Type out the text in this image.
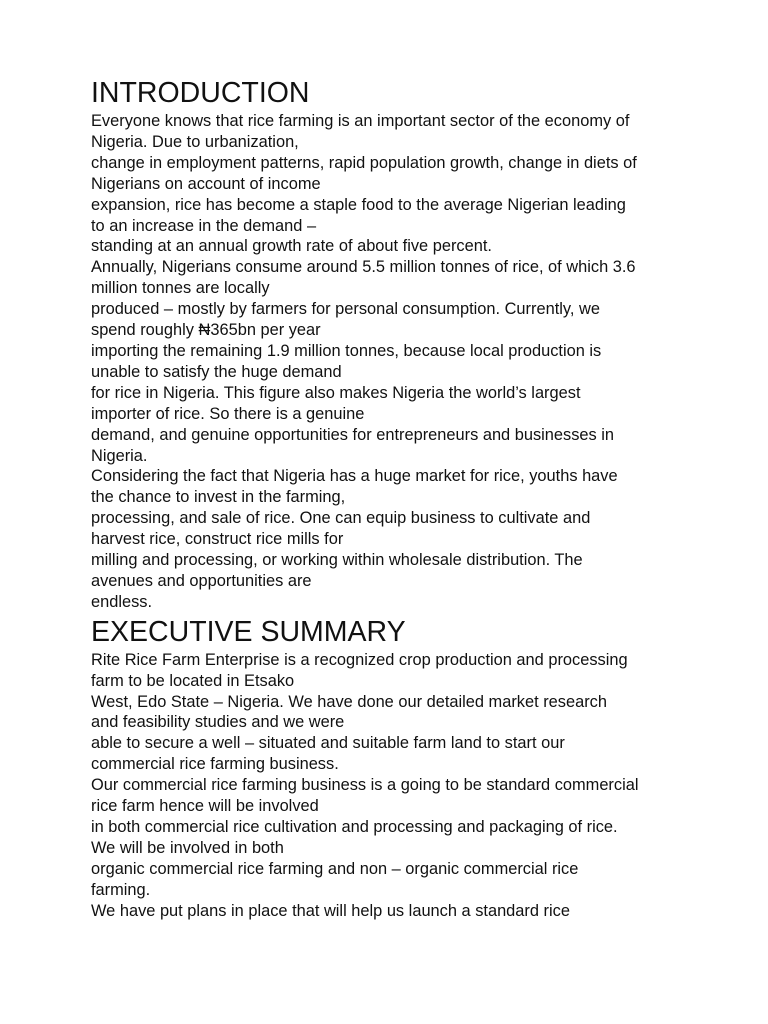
INTRODUCTION
Everyone knows that rice farming is an important sector of the economy of
Nigeria. Due to urbanization,
change in employment patterns, rapid population growth, change in diets of
Nigerians on account of income
expansion, rice has become a staple food to the average Nigerian leading
to an increase in the demand –
standing at an annual growth rate of about five percent.
Annually, Nigerians consume around 5.5 million tonnes of rice, of which 3.6
million tonnes are locally
produced – mostly by farmers for personal consumption. Currently, we
spend roughly ₦365bn per year
importing the remaining 1.9 million tonnes, because local production is
unable to satisfy the huge demand
for rice in Nigeria. This figure also makes Nigeria the world’s largest
importer of rice. So there is a genuine
demand, and genuine opportunities for entrepreneurs and businesses in
Nigeria.
Considering the fact that Nigeria has a huge market for rice, youths have
the chance to invest in the farming,
processing, and sale of rice. One can equip business to cultivate and
harvest rice, construct rice mills for
milling and processing, or working within wholesale distribution. The
avenues and opportunities are
endless.
EXECUTIVE SUMMARY
Rite Rice Farm Enterprise is a recognized crop production and processing
farm to be located in Etsako
West, Edo State – Nigeria. We have done our detailed market research
and feasibility studies and we were
able to secure a well – situated and suitable farm land to start our
commercial rice farming business.
Our commercial rice farming business is a going to be standard commercial
rice farm hence will be involved
in both commercial rice cultivation and processing and packaging of rice.
We will be involved in both
organic commercial rice farming and non – organic commercial rice
farming.
We have put plans in place that will help us launch a standard rice
